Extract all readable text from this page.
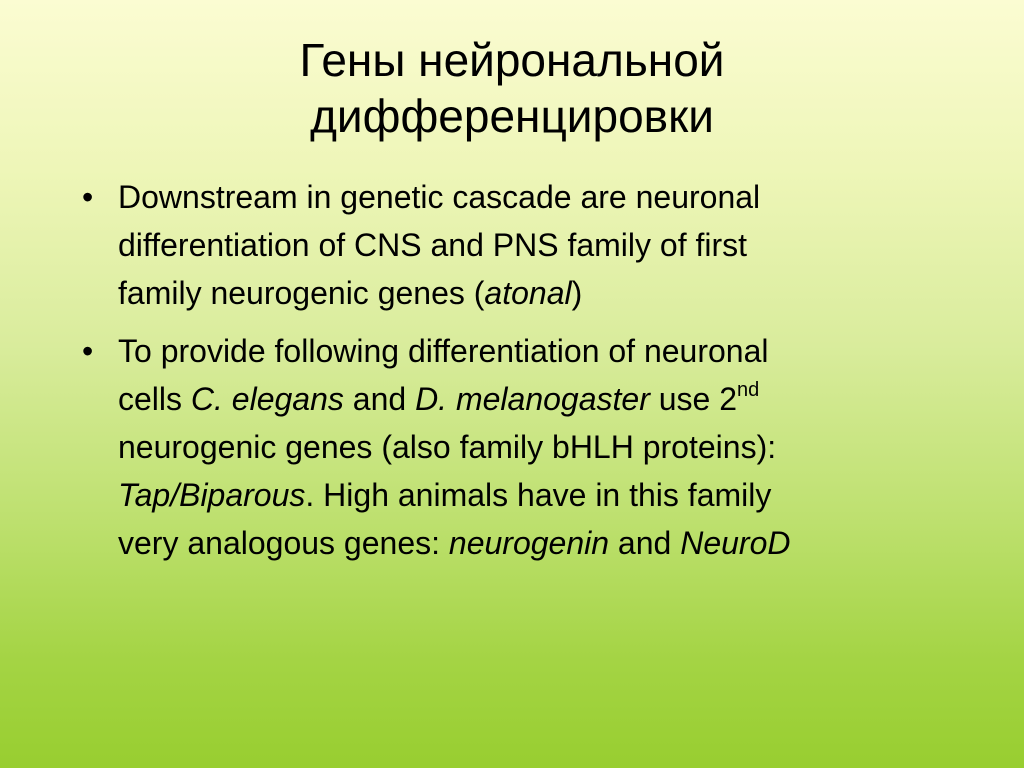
Гены нейрональной
дифференцировки
• Downstream in genetic cascade are neuronal
differentiation of CNS and PNS family of first
family neurogenic genes (atonal)
• To provide following differentiation of neuronal
cells C. elegans and D. melanogaster use 2nd
neurogenic genes (also family bHLH proteins):
Tap/Biparous. High animals have in this family
very analogous genes: neurogenin and NeuroD
